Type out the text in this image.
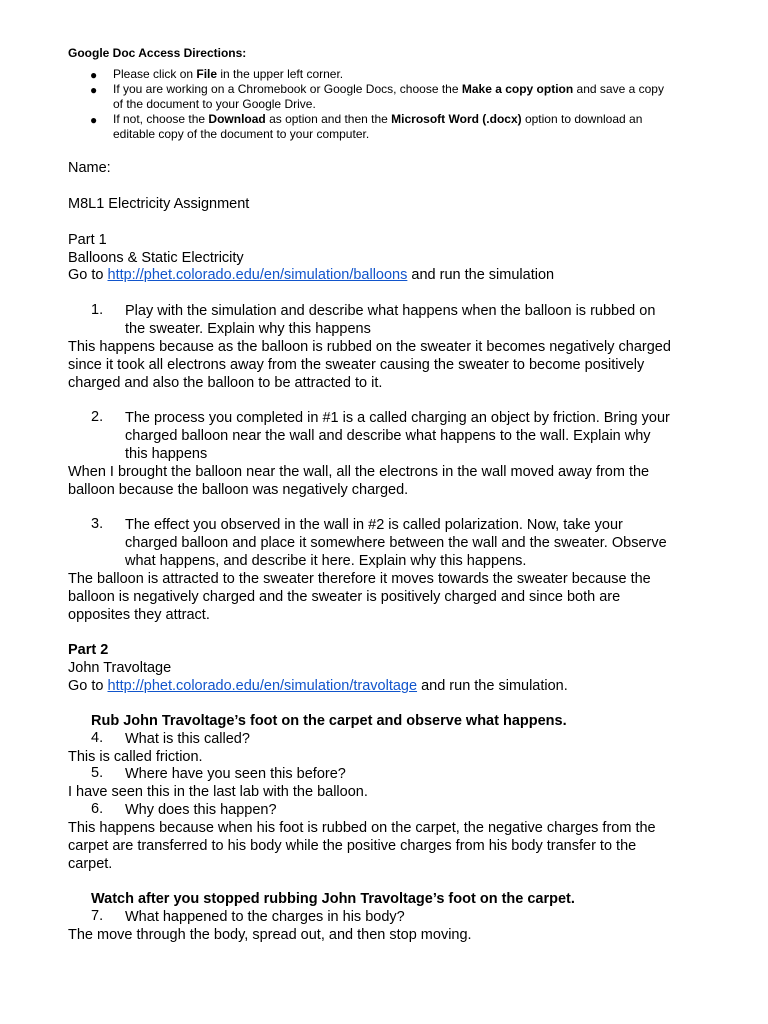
Google Doc Access Directions:
● Please click on File in the upper left corner.
● If you are working on a Chromebook or Google Docs, choose the Make a copy option and save a copy
of the document to your Google Drive.
● If not, choose the Download as option and then the Microsoft Word (.docx) option to download an
editable copy of the document to your computer.
Name:
M8L1 Electricity Assignment
Part 1
Balloons & Static Electricity
Go to http://phet.colorado.edu/en/simulation/balloons and run the simulation
1. Play with the simulation and describe what happens when the balloon is rubbed on
the sweater. Explain why this happens
This happens because as the balloon is rubbed on the sweater it becomes negatively charged
since it took all electrons away from the sweater causing the sweater to become positively
charged and also the balloon to be attracted to it.
2. The process you completed in #1 is a called charging an object by friction. Bring your
charged balloon near the wall and describe what happens to the wall. Explain why
this happens
When I brought the balloon near the wall, all the electrons in the wall moved away from the
balloon because the balloon was negatively charged.
3. The effect you observed in the wall in #2 is called polarization. Now, take your
charged balloon and place it somewhere between the wall and the sweater. Observe
what happens, and describe it here. Explain why this happens.
The balloon is attracted to the sweater therefore it moves towards the sweater because the
balloon is negatively charged and the sweater is positively charged and since both are
opposites they attract.
Part 2
John Travoltage
Go to http://phet.colorado.edu/en/simulation/travoltage and run the simulation.
Rub John Travoltage’s foot on the carpet and observe what happens.
4. What is this called?
This is called friction.
5. Where have you seen this before?
I have seen this in the last lab with the balloon.
6. Why does this happen?
This happens because when his foot is rubbed on the carpet, the negative charges from the
carpet are transferred to his body while the positive charges from his body transfer to the
carpet.
Watch after you stopped rubbing John Travoltage’s foot on the carpet.
7. What happened to the charges in his body?
The move through the body, spread out, and then stop moving.
